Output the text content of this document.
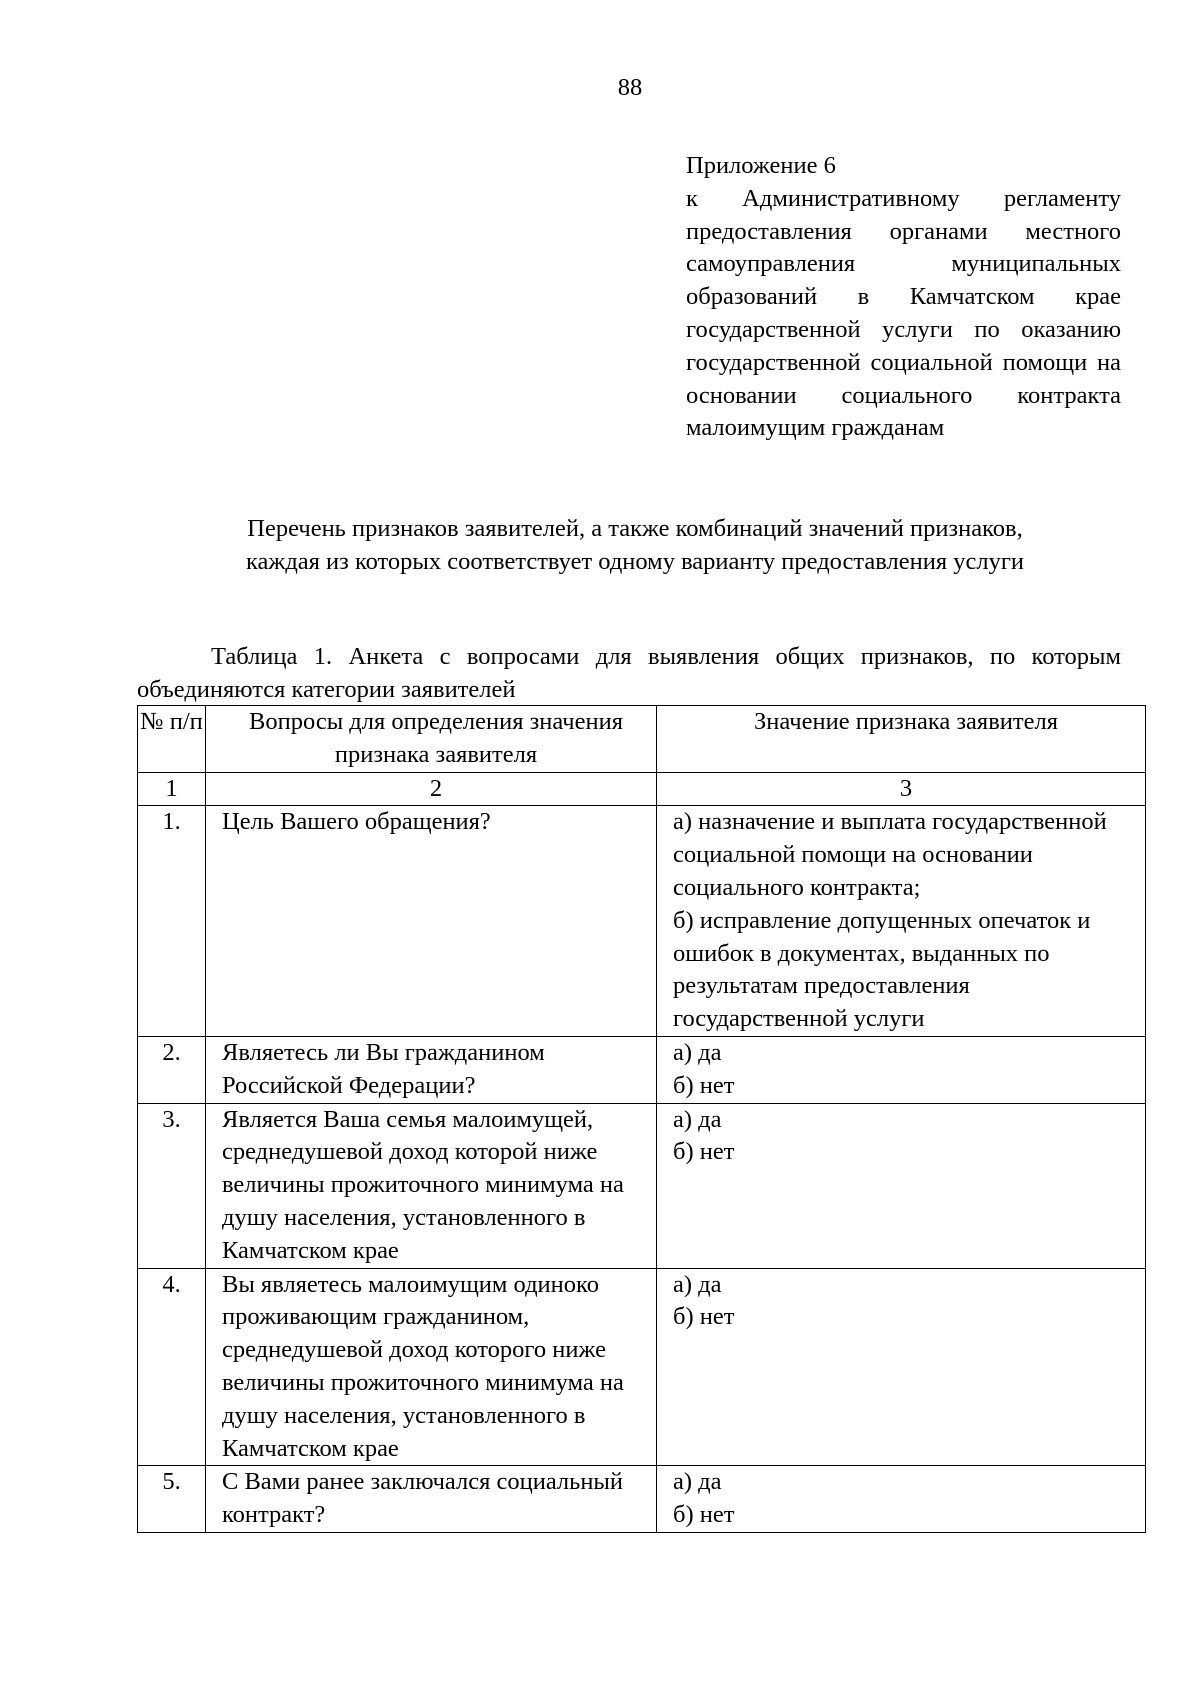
88
Приложение 6
к Административному регламенту предоставления органами местного самоуправления муниципальных образований в Камчатском крае государственной услуги по оказанию государственной социальной помощи на основании социального контракта малоимущим гражданам
Перечень признаков заявителей, а также комбинаций значений признаков,
каждая из которых соответствует одному варианту предоставления услуги
Таблица 1. Анкета с вопросами для выявления общих признаков, по которым объединяются категории заявителей
№ п/п	Вопросы для определения значения признака заявителя	Значение признака заявителя
1	2	3
1.	Цель Вашего обращения?	а) назначение и выплата государственной социальной помощи на основании социального контракта;
б) исправление допущенных опечаток и ошибок в документах, выданных по результатам предоставления государственной услуги

2.	Являетесь ли Вы гражданином Российской Федерации?	а) да
б) нет

3.	Является Ваша семья малоимущей, среднедушевой доход которой ниже величины прожиточного минимума на душу населения, установленного в Камчатском крае	а) да
б) нет

4.	Вы являетесь малоимущим одиноко проживающим гражданином, среднедушевой доход которого ниже величины прожиточного минимума на душу населения, установленного в Камчатском крае	а) да
б) нет

5.	С Вами ранее заключался социальный контракт?	а) да
б) нет
